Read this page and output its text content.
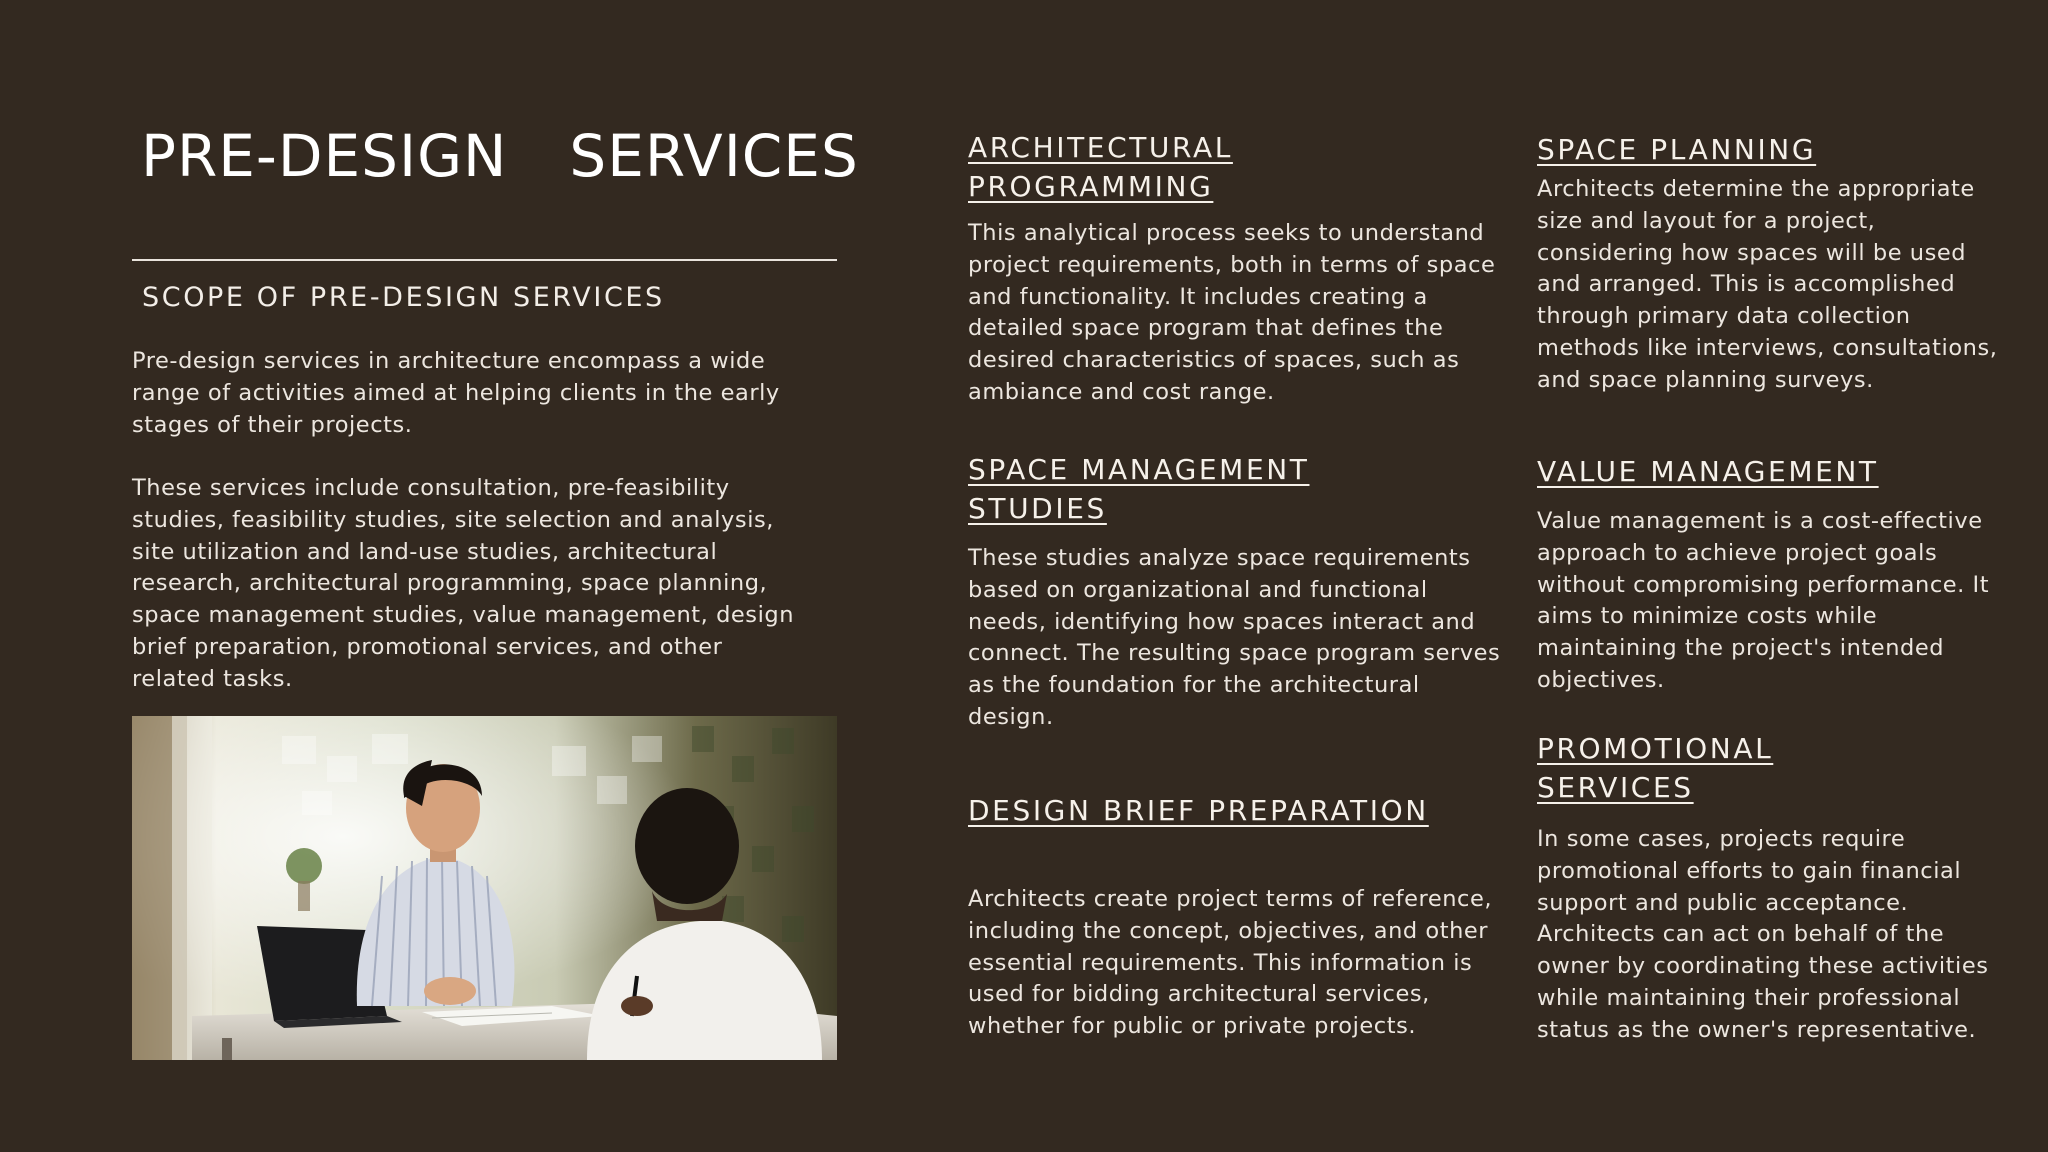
PRE-DESIGN SERVICES
SCOPE OF PRE-DESIGN SERVICES

Pre-design services in architecture encompass a wide range of activities aimed at helping clients in the early stages of their projects.

These services include consultation, pre-feasibility studies, feasibility studies, site selection and analysis, site utilization and land-use studies, architectural research, architectural programming, space planning, space management studies, value management, design brief preparation, promotional services, and other related tasks.

ARCHITECTURAL
PROGRAMMING

This analytical process seeks to understand project requirements, both in terms of space and functionality. It includes creating a detailed space program that defines the desired characteristics of spaces, such as ambiance and cost range.

SPACE MANAGEMENT
STUDIES

These studies analyze space requirements based on organizational and functional needs, identifying how spaces interact and connect. The resulting space program serves as the foundation for the architectural design.

DESIGN BRIEF PREPARATION

Architects create project terms of reference, including the concept, objectives, and other essential requirements. This information is used for bidding architectural services, whether for public or private projects.

SPACE PLANNING

Architects determine the appropriate size and layout for a project, considering how spaces will be used and arranged. This is accomplished through primary data collection methods like interviews, consultations, and space planning surveys.

VALUE MANAGEMENT

Value management is a cost-effective approach to achieve project goals without compromising performance. It aims to minimize costs while maintaining the project's intended objectives.

PROMOTIONAL
SERVICES

In some cases, projects require promotional efforts to gain financial support and public acceptance. Architects can act on behalf of the owner by coordinating these activities while maintaining their professional status as the owner's representative.
